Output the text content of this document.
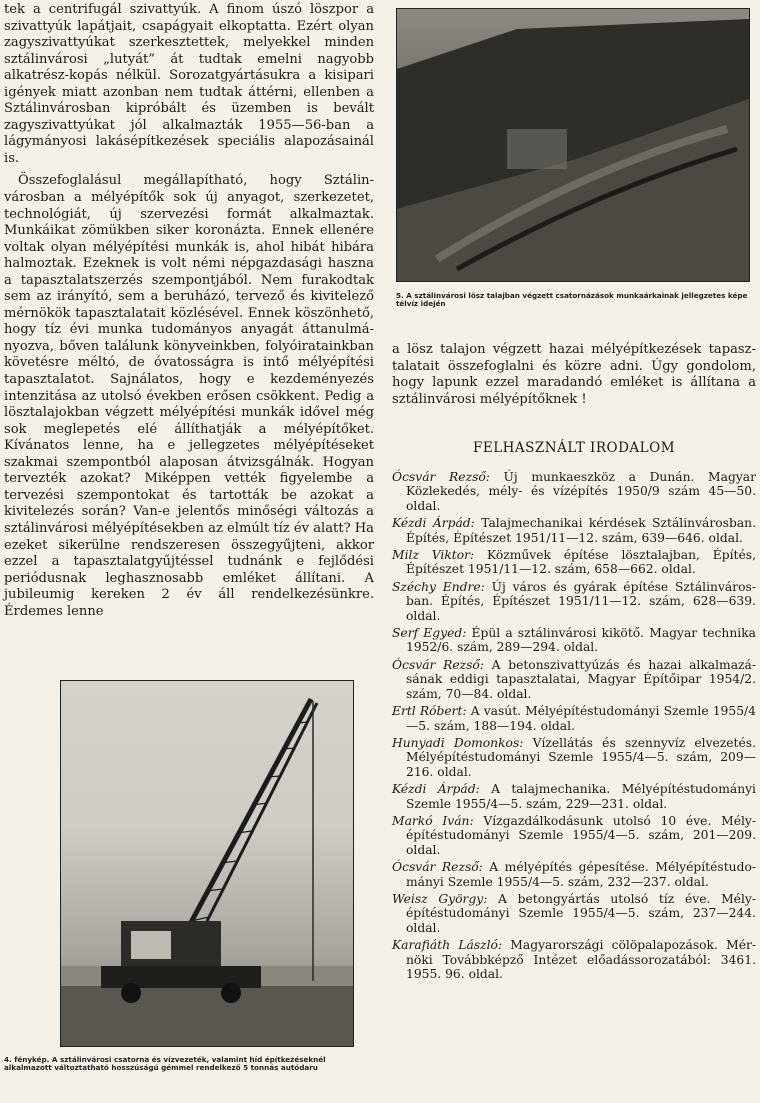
tek a centrifugál szivattyúk. A finom úszó löszpor a szivattyúk lapátjait, csapágyait elkoptatta. Ezért olyan zagyszivattyúkat szerkesztettek, melyekkel minden sztálinvárosi „lutyát” át tudtak emelni nagyobb alkatrész-kopás nélkül. Sorozatgyártásukra a kisipari igények miatt azonban nem tudtak áttérni, ellenben a Sztálinvárosban kipróbált és üzemben is bevált zagyszivattyúkat jól alkalmazták 1955—56-ban a lágymányosi lakásépítkezések speciális alapozásainál is.

Összefoglalásul megállapítható, hogy Sztálinvárosban a mélyépítők sok új anyagot, szerkezetet, technológiát, új szervezési formát alkalmaztak. Munkáikat zömükben siker koronázta. Ennek ellenére voltak olyan mélyépítési munkák is, ahol hibát hibára halmoztak. Ezeknek is volt némi népgazdasági haszna a tapasztalatszerzés szempontjából. Nem furakodtak sem az irányító, sem a beruházó, tervező és kivitelező mérnökök tapasztalatait közlésével. Ennek köszönhető, hogy tíz évi munka tudományos anyagát áttanulmányozva, bőven találunk könyveinkben, folyóiratainkban követésre méltó, de óvatosságra is intő mélyépítési tapasztalatot. Sajnálatos, hogy e kezdeményezés intenzitása az utolsó években erősen csökkent. Pedig a lösztalajokban végzett mélyépítési munkák idővel még sok meglepetés elé állíthatják a mélyépítőket. Kívánatos lenne, ha e jellegzetes mélyépítéseket szakmai szempontból alaposan átvizsgálnák. Hogyan tervezték azokat? Miképpen vették figyelembe a tervezési szempontokat és tartották be azokat a kivitelezés során? Van-e jelentős minőségi változás a sztálinvárosi mélyépítésekben az elmúlt tíz év alatt? Ha ezeket sikerülne rendszeresen összegyűjteni, akkor ezzel a tapasztalatgyűjtéssel tudnánk e fejlődési periódusnak leghasznosabb emléket állítani. A jubileumig kereken 2 év áll rendelkezésünkre. Érdemes lenne

4. fénykép. A sztálinvárosi csatorna és vízvezeték, valamint híd építkezéseknél alkalmazott változtatható hosszúságú gémmel rendelkező 5 tonnás autódaru
5. A sztálinvárosi lösz talajban végzett csatornázások munkaárkainak jellegzetes képe télvíz idején

a lösz talajon végzett hazai mélyépítkezések tapasztalatait összefoglalni és közre adni. Úgy gondolom, hogy lapunk ezzel maradandó emléket is állítana a sztálinvárosi mélyépítőknek !

FELHASZNÁLT IRODALOM

Ócsvár Rezső: Új munkaeszköz a Dunán. Magyar Közlekedés, mély- és vízépítés 1950/9 szám 45—50. oldal.

Kézdi Árpád: Talajmechanikai kérdések Sztálinvárosban. Építés, Építészet 1951/11—12. szám, 639—646. oldal.

Milz Viktor: Közművek építése lösztalajban, Építés, Építészet 1951/11—12. szám, 658—662. oldal.

Széchy Endre: Új város és gyárak építése Sztálinvárosban. Építés, Építészet 1951/11—12. szám, 628—639. oldal.

Serf Egyed: Épül a sztálinvárosi kikötő. Magyar technika 1952/6. szám, 289—294. oldal.

Ócsvár Rezső: A betonszivattyúzás és hazai alkalmazásának eddigi tapasztalatai, Magyar Építőipar 1954/2. szám, 70—84. oldal.

Ertl Róbert: A vasút. Mélyépítéstudományi Szemle 1955/4—5. szám, 188—194. oldal.

Hunyadi Domonkos: Vízellátás és szennyvíz elvezetés. Mélyépítéstudományi Szemle 1955/4—5. szám, 209—216. oldal.

Kézdi Árpád: A talajmechanika. Mélyépítéstudományi Szemle 1955/4—5. szám, 229—231. oldal.

Markó Iván: Vízgazdálkodásunk utolsó 10 éve. Mélyépítéstudományi Szemle 1955/4—5. szám, 201—209. oldal.

Ócsvár Rezső: A mélyépítés gépesítése. Mélyépítéstudományi Szemle 1955/4—5. szám, 232—237. oldal.

Weisz György: A betongyártás utolsó tíz éve. Mélyépítéstudományi Szemle 1955/4—5. szám, 237—244. oldal.

Karafiáth László: Magyarországi cölöpalapozások. Mérnöki Továbbképző Intézet előadássorozatából: 3461. 1955. 96. oldal.
